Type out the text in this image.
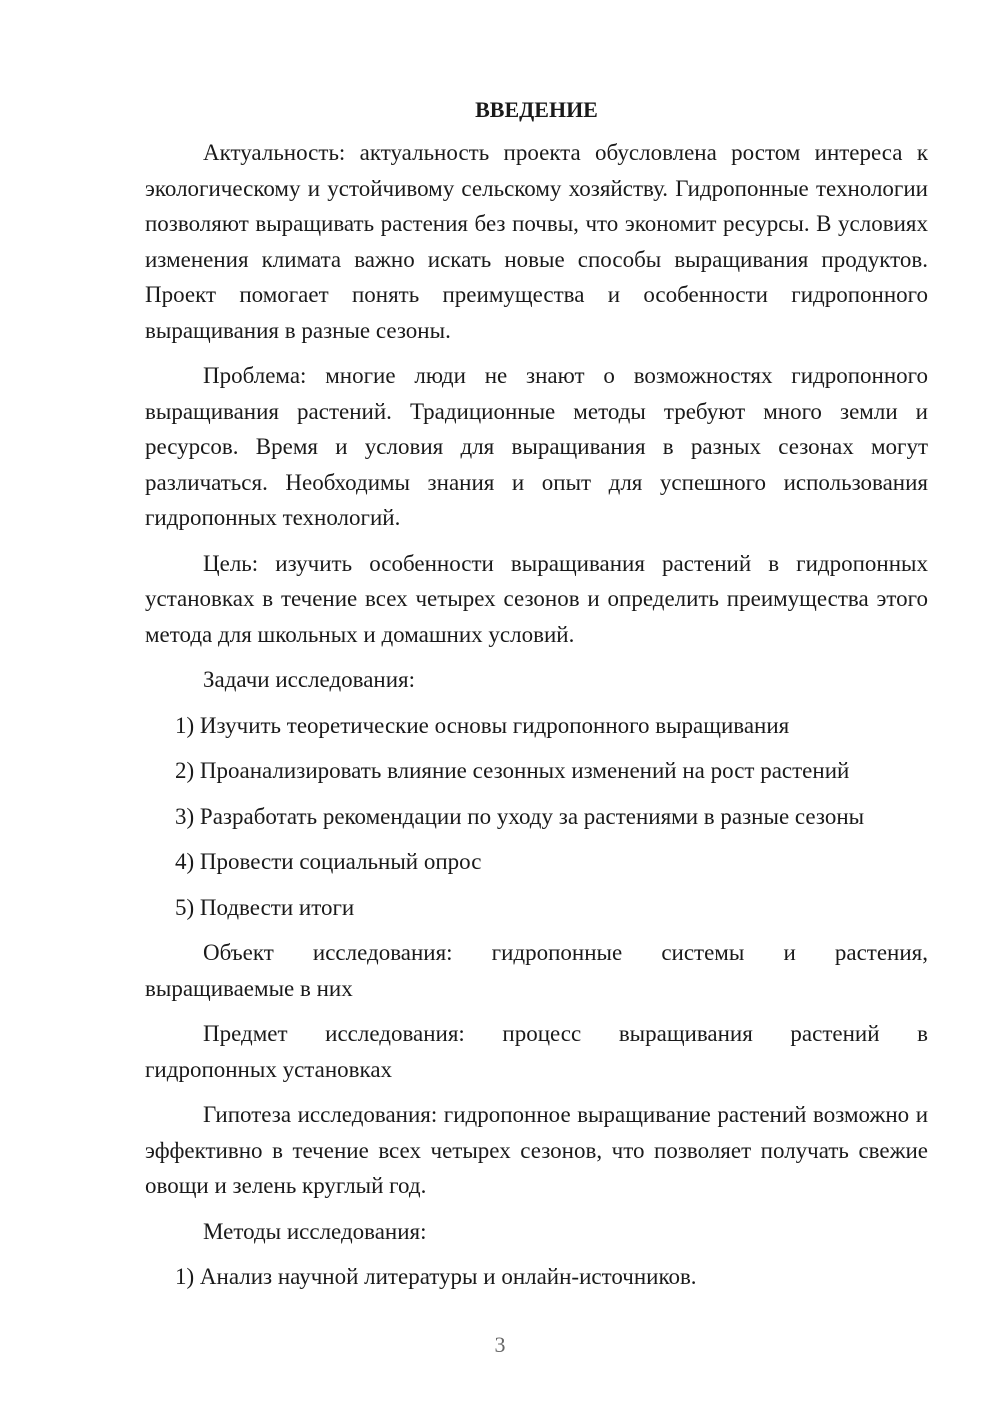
ВВЕДЕНИЕ

Актуальность: актуальность проекта обусловлена ростом интереса к экологическому и устойчивому сельскому хозяйству. Гидропонные технологии позволяют выращивать растения без почвы, что экономит ресурсы. В условиях изменения климата важно искать новые способы выращивания продуктов. Проект помогает понять преимущества и особенности гидропонного выращивания в разные сезоны.

Проблема: многие люди не знают о возможностях гидропонного выращивания растений. Традиционные методы требуют много земли и ресурсов. Время и условия для выращивания в разных сезонах могут различаться. Необходимы знания и опыт для успешного использования гидропонных технологий.

Цель: изучить особенности выращивания растений в гидропонных установках в течение всех четырех сезонов и определить преимущества этого метода для школьных и домашних условий.

Задачи исследования:

1) Изучить теоретические основы гидропонного выращивания
2) Проанализировать влияние сезонных изменений на рост растений
3) Разработать рекомендации по уходу за растениями в разные сезоны
4) Провести социальный опрос
5) Подвести итоги

Объект исследования: гидропонные системы и растения,

выращиваемые в них

Предмет исследования: процесс выращивания растений в

гидропонных установках

Гипотеза исследования: гидропонное выращивание растений возможно и эффективно в течение всех четырех сезонов, что позволяет получать свежие овощи и зелень круглый год.

Методы исследования:

1) Анализ научной литературы и онлайн-источников.
3
